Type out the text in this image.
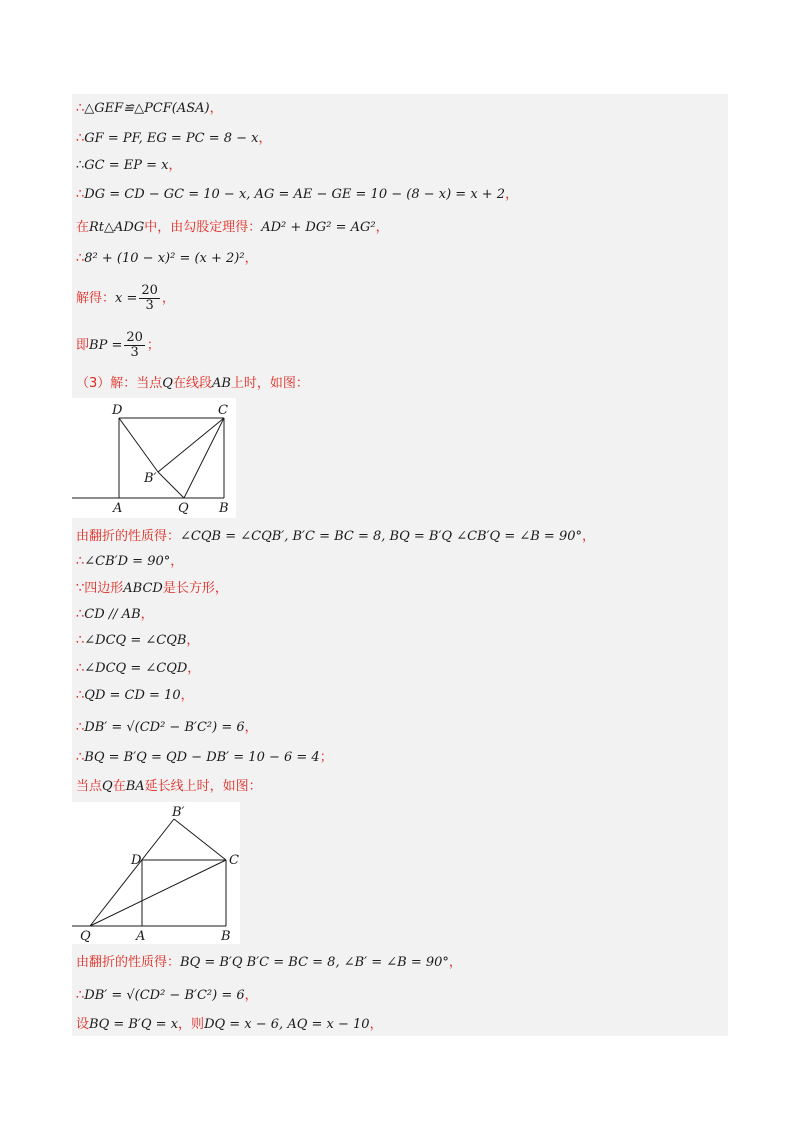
∴△GEF≌△PCF(ASA)，
∴GF = PF, EG = PC = 8 − x，
∴GC = EP = x，
∴DG = CD − GC = 10 − x, AG = AE − GE = 10 − (8 − x) = x + 2，
在Rt△ADG中，由勾股定理得：AD² + DG² = AG²，
∴8² + (10 − x)² = (x + 2)²，
解得：$x = \frac{20}{3}$ ，
即BP = $\frac{20}{3}$ ；
（3）解：当点Q在线段AB上时，如图：
D	C
B′
A	Q B
由翻折的性质得：∠CQB = ∠CQB′, B′C = BC = 8, BQ = B′Q ∠CB′Q = ∠B = 90°，
∴∠CB′D = 90°，
∵四边形ABCD是长方形，
∴CD // AB，
∴∠DCQ = ∠CQB，
∴∠DCQ = ∠CQD，
∴QD = CD = 10，
∴DB′ = √(CD² − B′C²) = 6，
∴BQ = B′Q = QD − DB′ = 10 − 6 = 4；
当点Q在BA延长线上时，如图：
B′
D	C
Q	A	B
由翻折的性质得：BQ = B′Q B′C = BC = 8, ∠B′ = ∠B = 90°，
∴DB′ = √(CD² − B′C²) = 6，
设BQ = B′Q = x，则DQ = x − 6, AQ = x − 10，
